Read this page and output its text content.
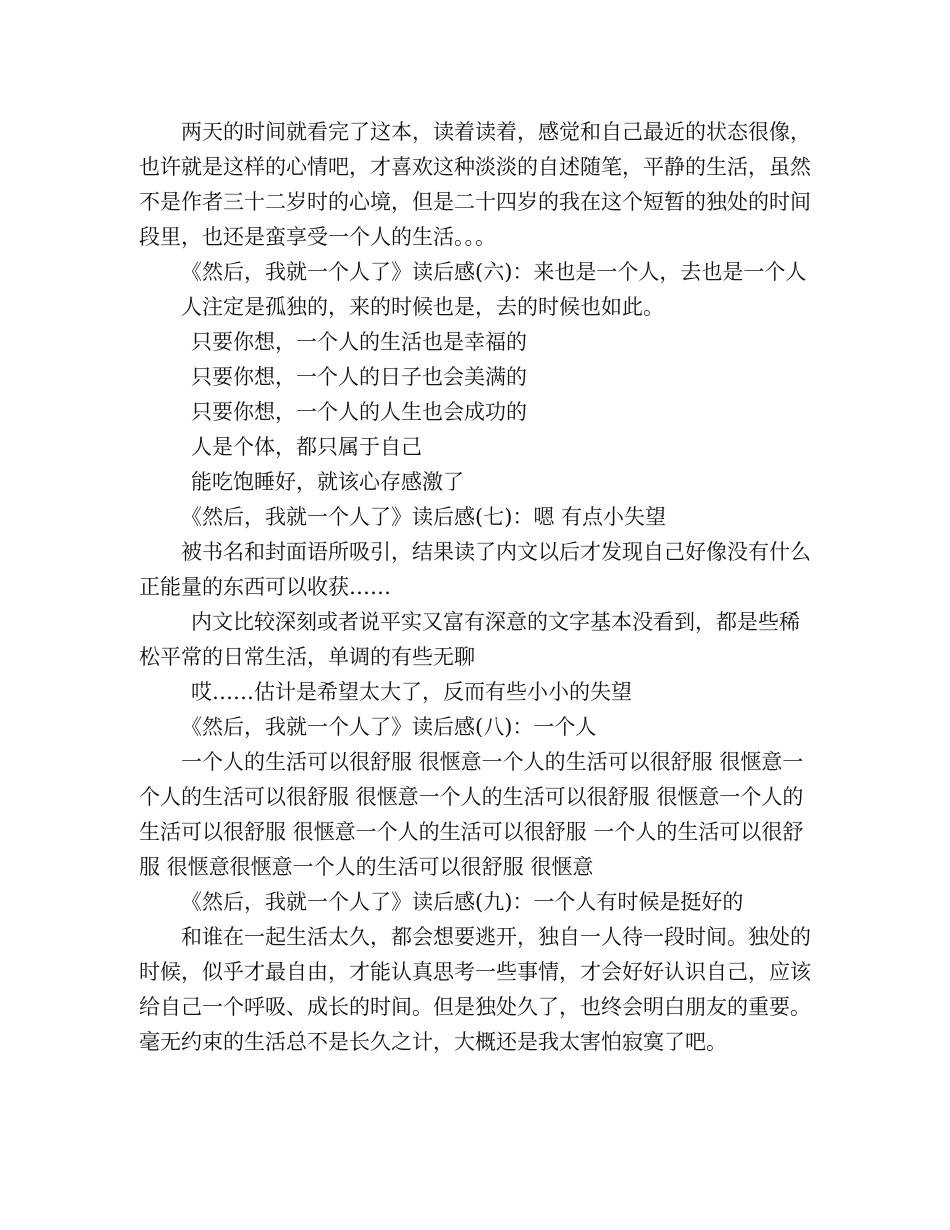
两天的时间就看完了这本，读着读着，感觉和自己最近的状态很像，也许就是这样的心情吧，才喜欢这种淡淡的自述随笔，平静的生活，虽然不是作者三十二岁时的心境，但是二十四岁的我在这个短暂的独处的时间段里，也还是蛮享受一个人的生活。。。

《然后，我就一个人了》读后感(六)：来也是一个人，去也是一个人

人注定是孤独的，来的时候也是，去的时候也如此。

只要你想，一个人的生活也是幸福的

只要你想，一个人的日子也会美满的

只要你想，一个人的人生也会成功的

人是个体，都只属于自己

能吃饱睡好，就该心存感激了

《然后，我就一个人了》读后感(七)：嗯 有点小失望

被书名和封面语所吸引，结果读了内文以后才发现自己好像没有什么正能量的东西可以收获……

内文比较深刻或者说平实又富有深意的文字基本没看到，都是些稀松平常的日常生活，单调的有些无聊

哎……估计是希望太大了，反而有些小小的失望

《然后，我就一个人了》读后感(八)：一个人

一个人的生活可以很舒服 很惬意一个人的生活可以很舒服 很惬意一个人的生活可以很舒服 很惬意一个人的生活可以很舒服 很惬意一个人的生活可以很舒服 很惬意一个人的生活可以很舒服 一个人的生活可以很舒服 很惬意很惬意一个人的生活可以很舒服 很惬意

《然后，我就一个人了》读后感(九)：一个人有时候是挺好的

和谁在一起生活太久，都会想要逃开，独自一人待一段时间。独处的时候，似乎才最自由，才能认真思考一些事情，才会好好认识自己，应该给自己一个呼吸、成长的时间。但是独处久了，也终会明白朋友的重要。毫无约束的生活总不是长久之计，大概还是我太害怕寂寞了吧。
